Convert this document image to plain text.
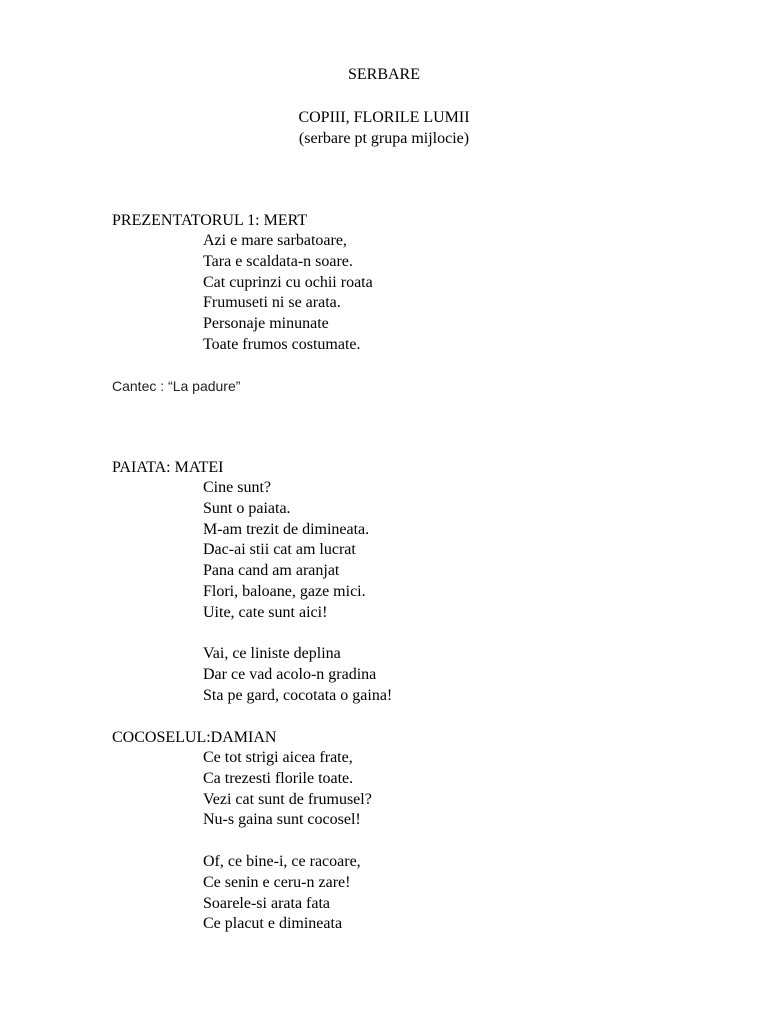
SERBARE
COPIII, FLORILE LUMII
(serbare pt grupa mijlocie)
PREZENTATORUL 1: MERT
Azi e mare sarbatoare,
Tara e scaldata-n soare.
Cat cuprinzi cu ochii roata
Frumuseti ni se arata.
Personaje minunate
Toate frumos costumate.
Cantec : “La padure”
PAIATA: MATEI
Cine sunt?
Sunt o paiata.
M-am trezit de dimineata.
Dac-ai stii cat am lucrat
Pana cand am aranjat
Flori, baloane, gaze mici.
Uite, cate sunt aici!
Vai, ce liniste deplina
Dar ce vad acolo-n gradina
Sta pe gard, cocotata o gaina!
COCOSELUL:DAMIAN
Ce tot strigi aicea frate,
Ca trezesti florile toate.
Vezi cat sunt de frumusel?
Nu-s gaina sunt cocosel!
Of, ce bine-i, ce racoare,
Ce senin e ceru-n zare!
Soarele-si arata fata
Ce placut e dimineata
